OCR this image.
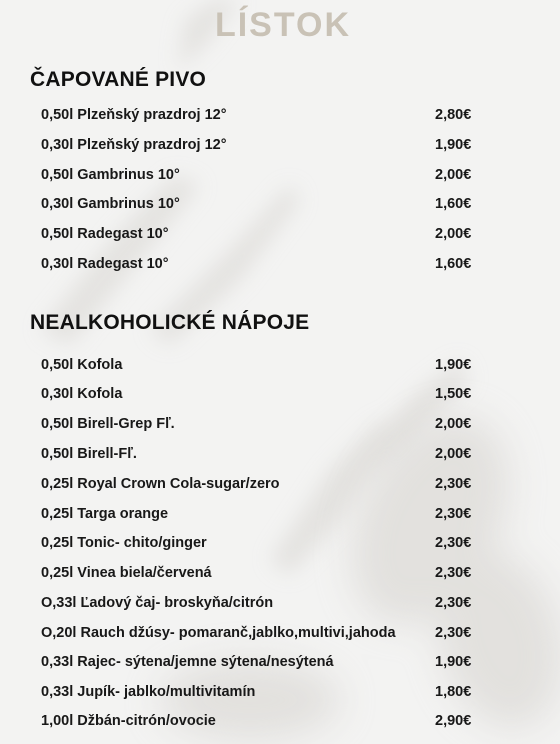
LÍSTOK
ČAPOVANÉ PIVO
0,50l Plzeňský prazdroj 12°	2,80€
0,30l Plzeňský prazdroj 12°	1,90€
0,50l Gambrinus 10°	2,00€
0,30l Gambrinus 10°	1,60€
0,50l Radegast 10°	2,00€
0,30l Radegast 10°	1,60€
NEALKOHOLICKÉ NÁPOJE
0,50l Kofola	1,90€
0,30l Kofola	1,50€
0,50l Birell-Grep Fľ.	2,00€
0,50l Birell-Fľ.	2,00€
0,25l Royal Crown Cola-sugar/zero	2,30€
0,25l Targa orange	2,30€
0,25l Tonic- chito/ginger	2,30€
0,25l Vinea biela/červená	2,30€
O,33l Ľadový čaj- broskyňa/citrón	2,30€
O,20l Rauch džúsy- pomaranč,jablko,multivi,jahoda	2,30€
0,33l Rajec- sýtena/jemne sýtena/nesýtená	1,90€
0,33l Jupík- jablko/multivitamín	1,80€
1,00l Džbán-citrón/ovocie	2,90€
